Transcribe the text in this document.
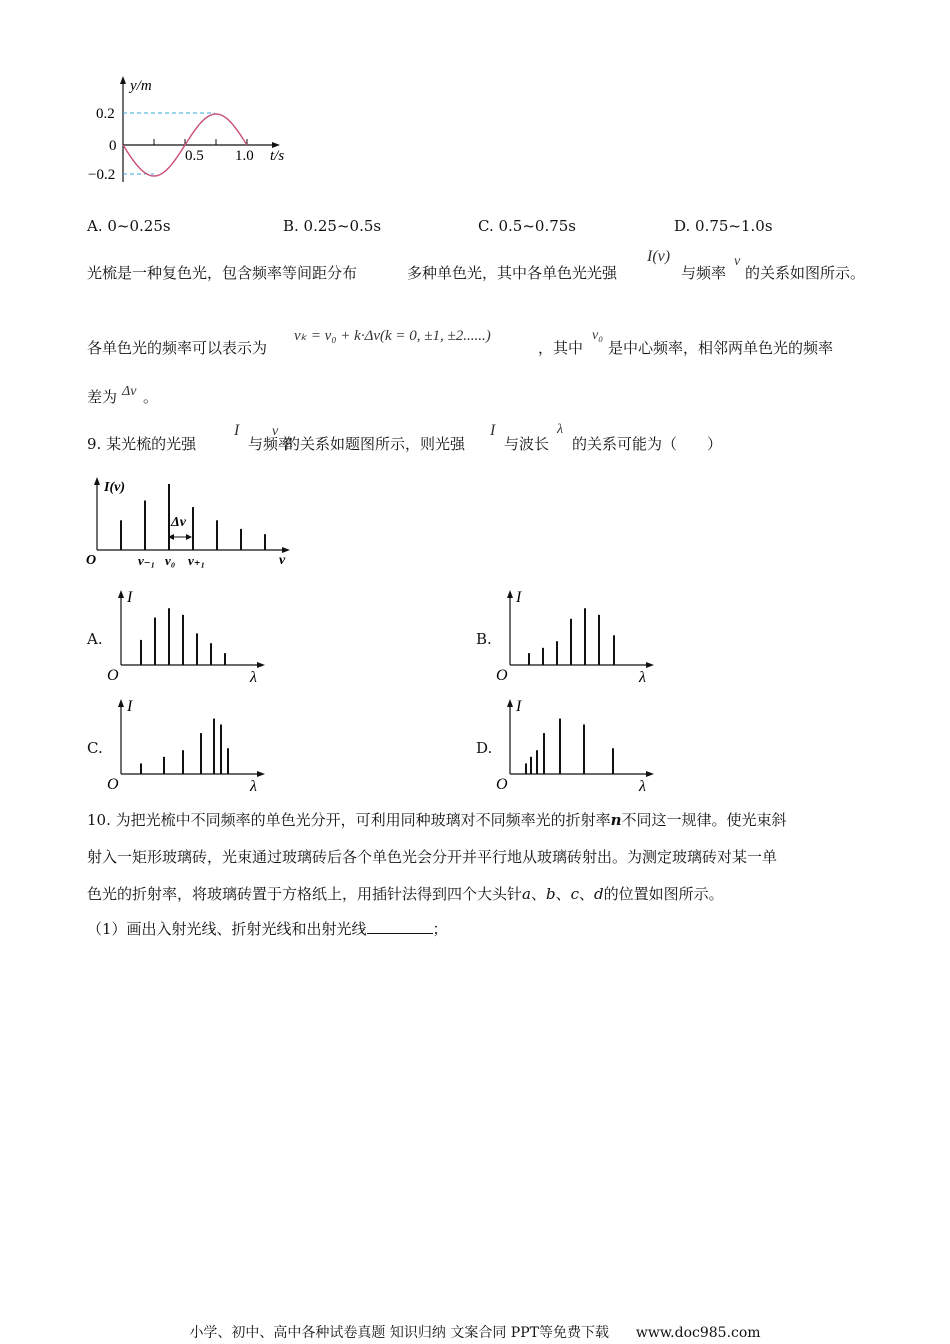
y/m
0.2
0
−0.2
0.5 1.0 t/s
A. 0~0.25s	B. 0.25~0.5s	C. 0.5~0.75s	D. 0.75~1.0s
光梳是一种复色光，包含频率等间距分布	多种单色光，其中各单色光光强
I(v)
与频率
v
的关系如图所示。
各单色光的频率可以表示为
vₖ = v₀ + k·Δv(k = 0, ±1, ±2......)
，其中
v₀
是中心频率，相邻两单色光的频率
差为 Δv 。
9. 某光梳的光强
I
与频率
v
的关系如题图所示，则光强
I
与波长
λ
的关系可能为（　　）
I(ν)
Δν
O	ν₋₁ ν₀ ν₊₁	ν
A.	B.
C.	D.
I
O	λ
I
O	λ
I
O	λ
I
O	λ
10. 为把光梳中不同频率的单色光分开，可利用同种玻璃对不同频率光的折射率n不同这一规律。使光束斜
射入一矩形玻璃砖，光束通过玻璃砖后各个单色光会分开并平行地从玻璃砖射出。为测定玻璃砖对某一单
色光的折射率，将玻璃砖置于方格纸上，用插针法得到四个大头针a、b、c、d的位置如图所示。
（1）画出入射光线、折射光线和出射光线	；
小学、初中、高中各种试卷真题 知识归纳 文案合同 PPT等免费下载 www.doc985.com
